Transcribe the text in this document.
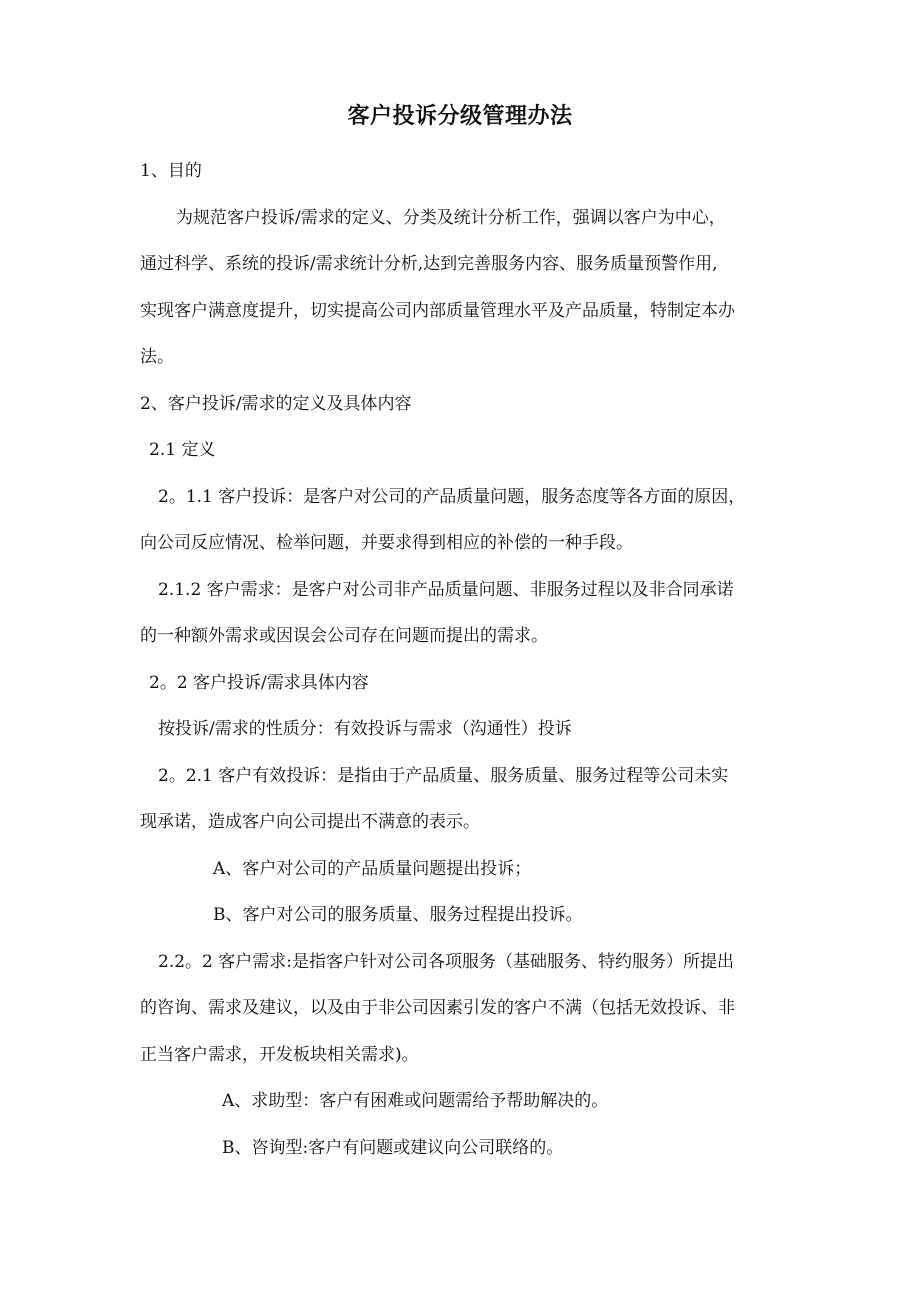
客户投诉分级管理办法
1、目的
为规范客户投诉/需求的定义、分类及统计分析工作，强调以客户为中心，
通过科学、系统的投诉/需求统计分析,达到完善服务内容、服务质量预警作用,
实现客户满意度提升，切实提高公司内部质量管理水平及产品质量，特制定本办
法。
2、客户投诉/需求的定义及具体内容
2.1 定义
2。1.1 客户投诉：是客户对公司的产品质量问题，服务态度等各方面的原因，
向公司反应情况、检举问题，并要求得到相应的补偿的一种手段。
2.1.2 客户需求：是客户对公司非产品质量问题、非服务过程以及非合同承诺
的一种额外需求或因误会公司存在问题而提出的需求。
2。2 客户投诉/需求具体内容
按投诉/需求的性质分：有效投诉与需求（沟通性）投诉
2。2.1 客户有效投诉：是指由于产品质量、服务质量、服务过程等公司未实
现承诺，造成客户向公司提出不满意的表示。
A、客户对公司的产品质量问题提出投诉；
B、客户对公司的服务质量、服务过程提出投诉。
2.2。2 客户需求:是指客户针对公司各项服务（基础服务、特约服务）所提出
的咨询、需求及建议，以及由于非公司因素引发的客户不满（包括无效投诉、非
正当客户需求，开发板块相关需求)。
A、求助型：客户有困难或问题需给予帮助解决的。
B、咨询型:客户有问题或建议向公司联络的。
